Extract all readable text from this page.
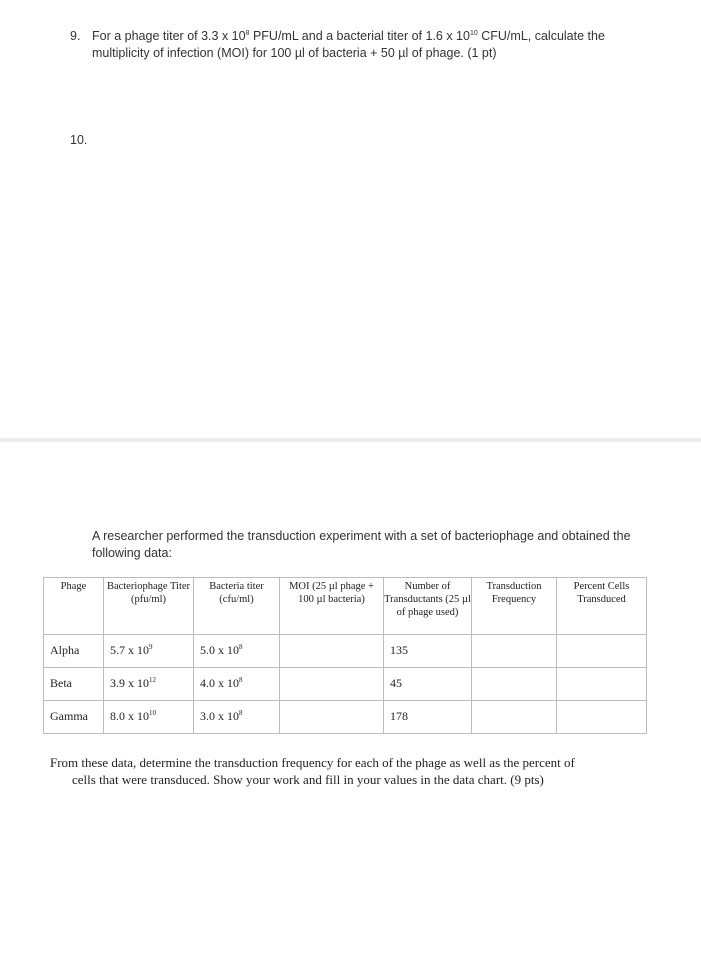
9. For a phage titer of 3.3 x $10^8$ PFU/mL and a bacterial titer of 1.6 x $10^{10}$ CFU/mL, calculate the
multiplicity of infection (MOI) for 100 µl of bacteria + 50 µl of phage. (1 pt)
10.
A researcher performed the transduction experiment with a set of bacteriophage and obtained the
following data:
Phage	Bacteriophage Titer (pfu/ml)	Bacteria titer (cfu/ml)	MOI (25 µl phage + 100 µl bacteria)	Number of Transductants (25 µl of phage used)	Transduction Frequency	Percent Cells Transduced
Alpha	5.7 x $10^9$	5.0 x $10^8$		135		
Beta	3.9 x $10^{12}$	4.0 x $10^8$		45		
Gamma	8.0 x $10^{10}$	3.0 x $10^8$		178		
From these data, determine the transduction frequency for each of the phage as well as the percent of
cells that were transduced. Show your work and fill in your values in the data chart. (9 pts)
